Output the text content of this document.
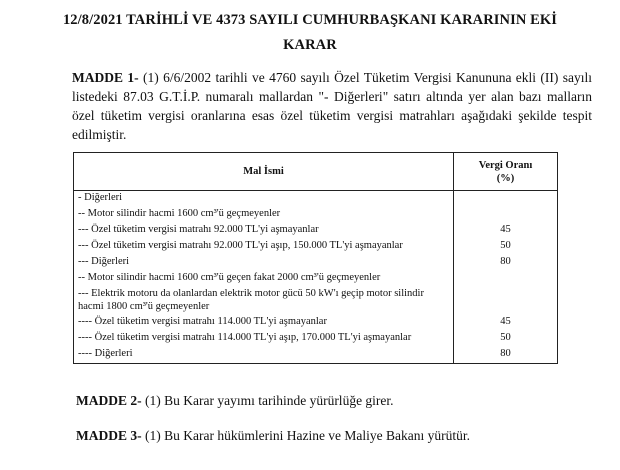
12/8/2021 TARİHLİ VE 4373 SAYILI CUMHURBAŞKANI KARARININ EKİ
KARAR
MADDE 1- (1) 6/6/2002 tarihli ve 4760 sayılı Özel Tüketim Vergisi Kanununa ekli (II) sayılı listedeki 87.03 G.T.İ.P. numaralı mallardan "- Diğerleri" satırı altında yer alan bazı malların özel tüketim vergisi oranlarına esas özel tüketim vergisi matrahları aşağıdaki şekilde tespit edilmiştir.
Mal İsmi	Vergi Oranı
(%)
- Diğerleri	
-- Motor silindir hacmi 1600 cm³'ü geçmeyenler	
--- Özel tüketim vergisi matrahı 92.000 TL'yi aşmayanlar	45
--- Özel tüketim vergisi matrahı 92.000 TL'yi aşıp, 150.000 TL'yi aşmayanlar	50
--- Diğerleri	80
-- Motor silindir hacmi 1600 cm³'ü geçen fakat 2000 cm³'ü geçmeyenler	
--- Elektrik motoru da olanlardan elektrik motor gücü 50 kW'ı geçip motor silindir hacmi 1800 cm³'ü geçmeyenler	
---- Özel tüketim vergisi matrahı 114.000 TL'yi aşmayanlar	45
---- Özel tüketim vergisi matrahı 114.000 TL'yi aşıp, 170.000 TL'yi aşmayanlar	50
---- Diğerleri	80
MADDE 2- (1) Bu Karar yayımı tarihinde yürürlüğe girer.
MADDE 3- (1) Bu Karar hükümlerini Hazine ve Maliye Bakanı yürütür.
